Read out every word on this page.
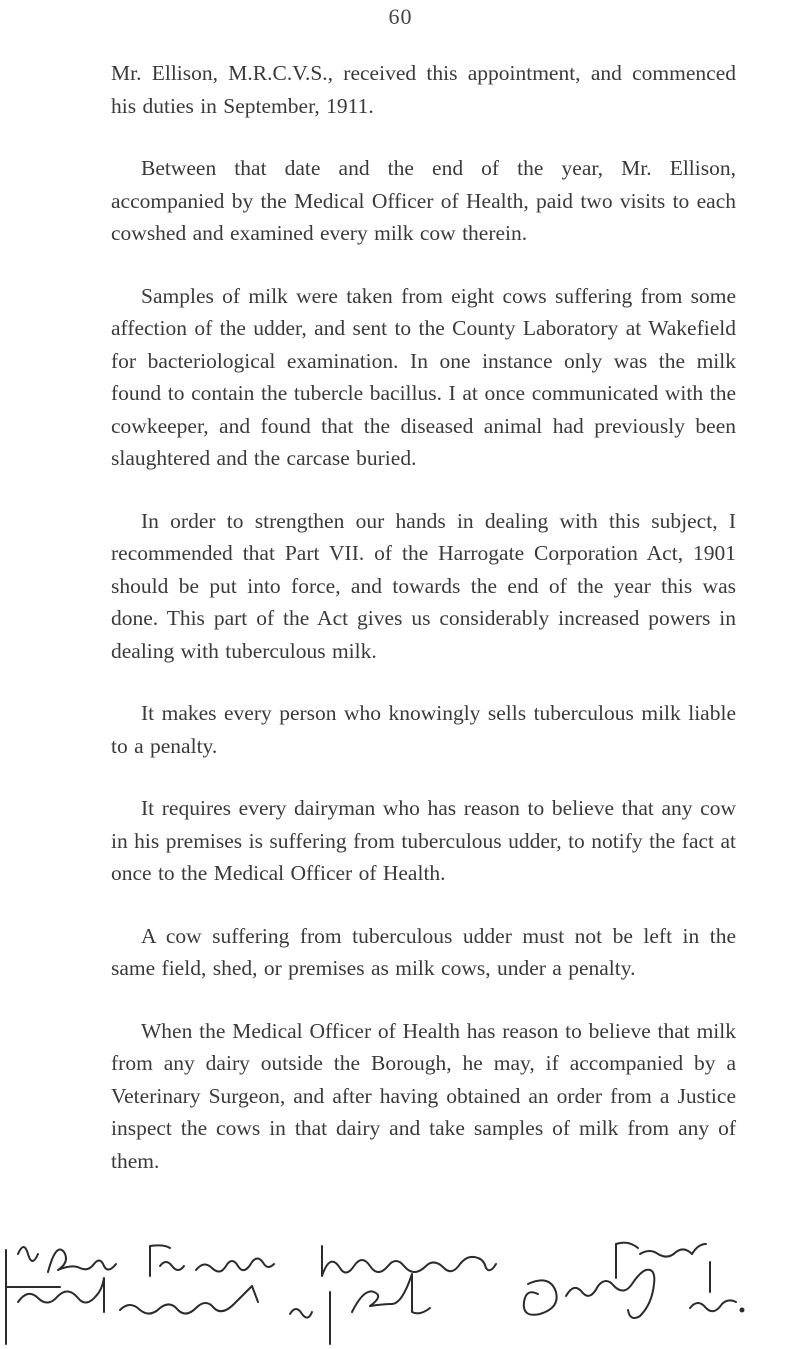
60

Mr. Ellison, M.R.C.V.S., received this appointment, and commenced his duties in September, 1911.

Between that date and the end of the year, Mr. Ellison, accompanied by the Medical Officer of Health, paid two visits to each cowshed and examined every milk cow therein.

Samples of milk were taken from eight cows suffering from some affection of the udder, and sent to the County Laboratory at Wakefield for bacteriological examination. In one instance only was the milk found to contain the tubercle bacillus. I at once communicated with the cowkeeper, and found that the diseased animal had previously been slaughtered and the carcase buried.

In order to strengthen our hands in dealing with this subject, I recommended that Part VII. of the Harrogate Corporation Act, 1901 should be put into force, and towards the end of the year this was done. This part of the Act gives us considerably increased powers in dealing with tuberculous milk.

It makes every person who knowingly sells tuberculous milk liable to a penalty.

It requires every dairyman who has reason to believe that any cow in his premises is suffering from tuberculous udder, to notify the fact at once to the Medical Officer of Health.

A cow suffering from tuberculous udder must not be left in the same field, shed, or premises as milk cows, under a penalty.

When the Medical Officer of Health has reason to believe that milk from any dairy outside the Borough, he may, if accompanied by a Veterinary Surgeon, and after having obtained an order from a Justice inspect the cows in that dairy and take samples of milk from any of them.
